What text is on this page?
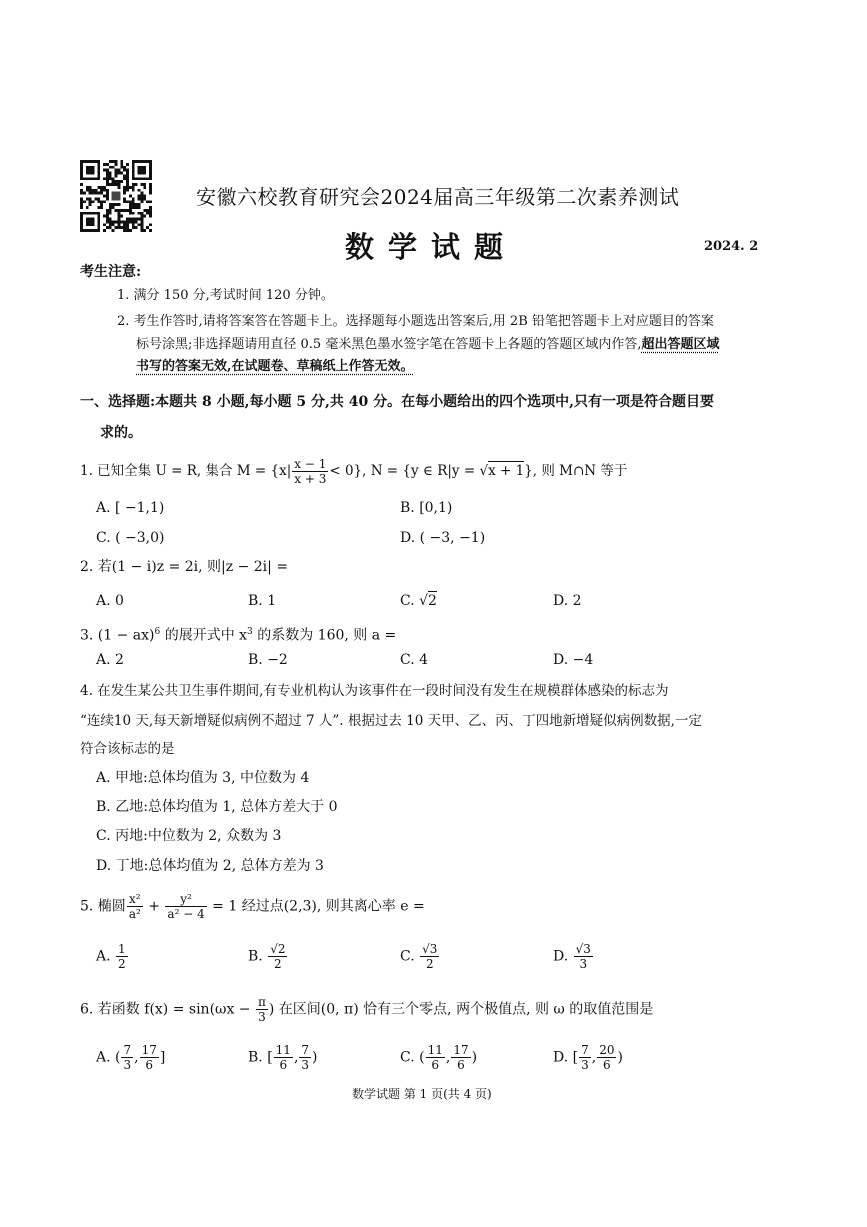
安徽六校教育研究会2024届高三年级第二次素养测试
数学试题	2024. 2
考生注意:
1. 满分 150 分,考试时间 120 分钟。
2. 考生作答时,请将答案答在答题卡上。选择题每小题选出答案后,用 2B 铅笔把答题卡上对应题目的答案
标号涂黑;非选择题请用直径 0.5 毫米黑色墨水签字笔在答题卡上各题的答题区域内作答,超出答题区域
书写的答案无效,在试题卷、草稿纸上作答无效。
一、选择题:本题共 8 小题,每小题 5 分,共 40 分。在每小题给出的四个选项中,只有一项是符合题目要
求的。
1. 已知全集 U = R, 集合 $M = \{x| \frac{x - 1}{x + 3} < 0\}$, N = {y ∈ R|y = √x + 1}, 则 M∩N 等于
A. [ −1,1)	B. [0,1)
C. ( −3,0)	D. ( −3, −1)
2. 若(1 − i)z = 2i, 则|z − 2i| =
A. 0	B. 1	C. √2	D. 2
3. (1 − ax)$^6$ 的展开式中 $x^3$ 的系数为 160, 则 a =
A. 2	B. −2	C. 4	D. −4
4. 在发生某公共卫生事件期间,有专业机构认为该事件在一段时间没有发生在规模群体感染的标志为
“连续10 天,每天新增疑似病例不超过 7 人”. 根据过去 10 天甲、乙、丙、丁四地新增疑似病例数据,一定
符合该标志的是
A. 甲地:总体均值为 3, 中位数为 4
B. 乙地:总体均值为 1, 总体方差大于 0
C. 丙地:中位数为 2, 众数为 3
D. 丁地:总体均值为 2, 总体方差为 3
5. 椭圆 $\frac{\text{x²}}{\text{a²}} + \frac{\text{y²}}{\text{a² − 4}} = 1$ 经过点(2,3), 则其离心率 e =
A. $\frac{1}{2}$	B. $\frac{√2}{2}$	C. $\frac{√3}{2}$	D. $\frac{√3}{3}$
6. 若函数 $f(x) = \sin(\omega x - \frac{\pi}{3}$ ) 在区间(0, π) 恰有三个零点, 两个极值点, 则 ω 的取值范围是
A. ( $\frac{7}{3}$ , $\frac{17}{6}$ ]	B. [ $\frac{11}{6}$ , $\frac{7}{3}$ )	C. ( $\frac{11}{6}$ , $\frac{17}{6}$ )	D. [ $\frac{7}{3}$ , $\frac{20}{6}$ )
数学试题 第 1 页(共 4 页)
